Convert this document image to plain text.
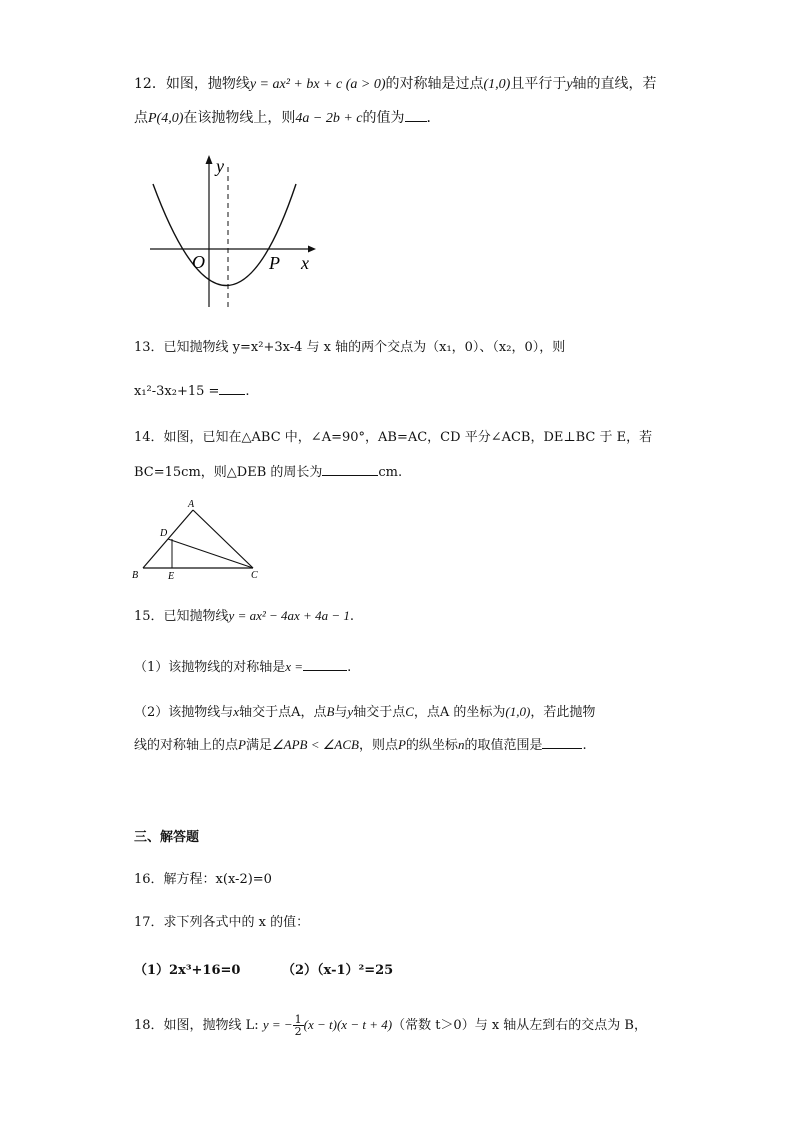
12．如图，抛物线y = ax² + bx + c (a > 0)的对称轴是过点(1,0)且平行于y轴的直线，若
点P(4,0)在该抛物线上，则4a − 2b + c的值为 ．
y
x
O	P
13．已知抛物线 y=x²+3x-4 与 x 轴的两个交点为（x₁，0）、（x₂，0），则
x₁²-3x₂+15 = .
14．如图，已知在△ABC 中，∠A=90°，AB=AC，CD 平分∠ACB，DE⊥BC 于 E，若
BC=15cm，则△DEB 的周长为	cm.
A
B	C
D
E
15．已知抛物线y = ax² − 4ax + 4a − 1.
（1）该抛物线的对称轴是x =	.
（2）该抛物线与x轴交于点A，点B与y轴交于点C，点A 的坐标为(1,0)，若此抛物
线的对称轴上的点P满足∠APB < ∠ACB，则点P的纵坐标n的取值范围是	.
三、解答题
16．解方程：x(x-2)=0
17．求下列各式中的 x 的值：
（1）2x³+16=0	（2）（x-1）²=25
18．如图，抛物线 L: y = − $\frac{1}{2} (x - t)(x - t + 4)$（常数 t＞0）与 x 轴从左到右的交点为 B，
